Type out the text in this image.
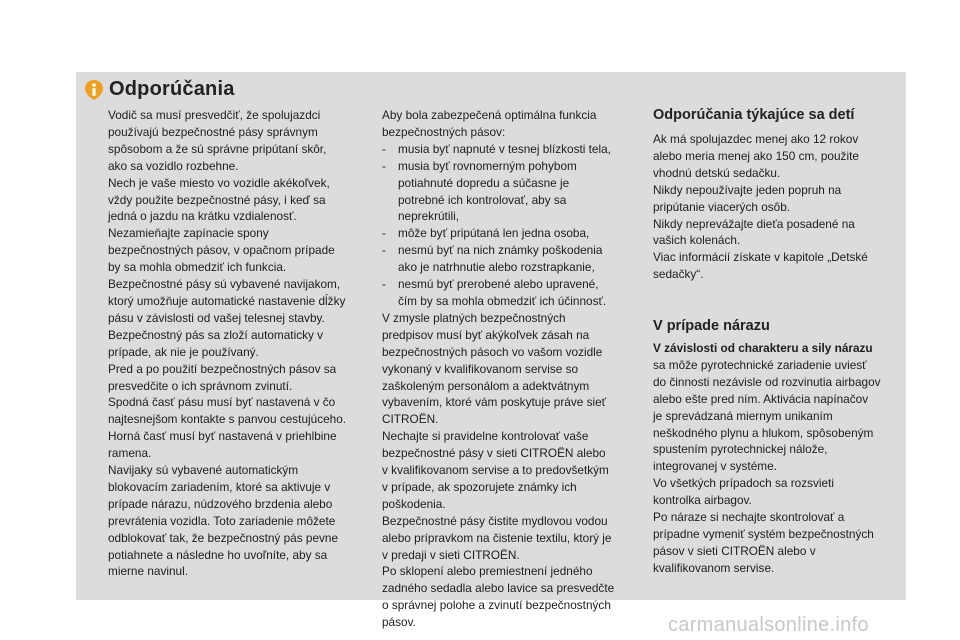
Odporúčania

Vodič sa musí presvedčiť, že spolujazdci

používajú bezpečnostné pásy správnym

spôsobom a že sú správne pripútaní skôr,

ako sa vozidlo rozbehne.

Nech je vaše miesto vo vozidle akékoľvek,

vždy použite bezpečnostné pásy, i keď sa

jedná o jazdu na krátku vzdialenosť.

Nezamieňajte zapínacie spony

bezpečnostných pásov, v opačnom prípade

by sa mohla obmedziť ich funkcia.

Bezpečnostné pásy sú vybavené navijakom,

ktorý umožňuje automatické nastavenie dĺžky

pásu v závislosti od vašej telesnej stavby.

Bezpečnostný pás sa zloží automaticky v

prípade, ak nie je používaný.

Pred a po použití bezpečnostných pásov sa

presvedčite o ich správnom zvinutí.

Spodná časť pásu musí byť nastavená v čo

najtesnejšom kontakte s panvou cestujúceho.

Horná časť musí byť nastavená v priehlbine

ramena.

Navijaky sú vybavené automatickým

blokovacím zariadením, ktoré sa aktivuje v

prípade nárazu, núdzového brzdenia alebo

prevrátenia vozidla. Toto zariadenie môžete

odblokovať tak, že bezpečnostný pás pevne

potiahnete a následne ho uvoľníte, aby sa

mierne navinul.

Aby bola zabezpečená optimálna funkcia

bezpečnostných pásov:

-	musia byť napnuté v tesnej blízkosti tela,
-	musia byť rovnomerným pohybom
potiahnuté dopredu a súčasne je
potrebné ich kontrolovať, aby sa
neprekrútili,
-	môže byť pripútaná len jedna osoba,
-	nesmú byť na nich známky poškodenia
ako je natrhnutie alebo rozstrapkanie,
-	nesmú byť prerobené alebo upravené,
čím by sa mohla obmedziť ich účinnosť.

V zmysle platných bezpečnostných

predpisov musí byť akýkoľvek zásah na

bezpečnostných pásoch vo vašom vozidle

vykonaný v kvalifikovanom servise so

zaškoleným personálom a adektvátnym

vybavením, ktoré vám poskytuje práve sieť

CITROËN.

Nechajte si pravidelne kontrolovať vaše

bezpečnostné pásy v sieti CITROËN alebo

v kvalifikovanom servise a to predovšetkým

v prípade, ak spozorujete známky ich

poškodenia.

Bezpečnostné pásy čistite mydlovou vodou

alebo prípravkom na čistenie textilu, ktorý je

v predaji v sieti CITROËN.

Po sklopení alebo premiestnení jedného

zadného sedadla alebo lavice sa presvedčte

o správnej polohe a zvinutí bezpečnostných

pásov.

Odporúčania týkajúce sa detí

Ak má spolujazdec menej ako 12 rokov

alebo meria menej ako 150 cm, použite

vhodnú detskú sedačku.

Nikdy nepoužívajte jeden popruh na

pripútanie viacerých osôb.

Nikdy neprevážajte dieťa posadené na

vašich kolenách.

Viac informácií získate v kapitole „Detské

sedačky“.

V prípade nárazu

V závislosti od charakteru a sily nárazu

sa môže pyrotechnické zariadenie uviesť

do činnosti nezávisle od rozvinutia airbagov

alebo ešte pred ním. Aktivácia napínačov

je sprevádzaná miernym unikaním

neškodného plynu a hlukom, spôsobeným

spustením pyrotechnickej nálože,

integrovanej v systéme.

Vo všetkých prípadoch sa rozsvieti

kontrolka airbagov.

Po náraze si nechajte skontrolovať a

prípadne vymeniť systém bezpečnostných

pásov v sieti CITROËN alebo v

kvalifikovanom servise.

carmanualsonline.info
